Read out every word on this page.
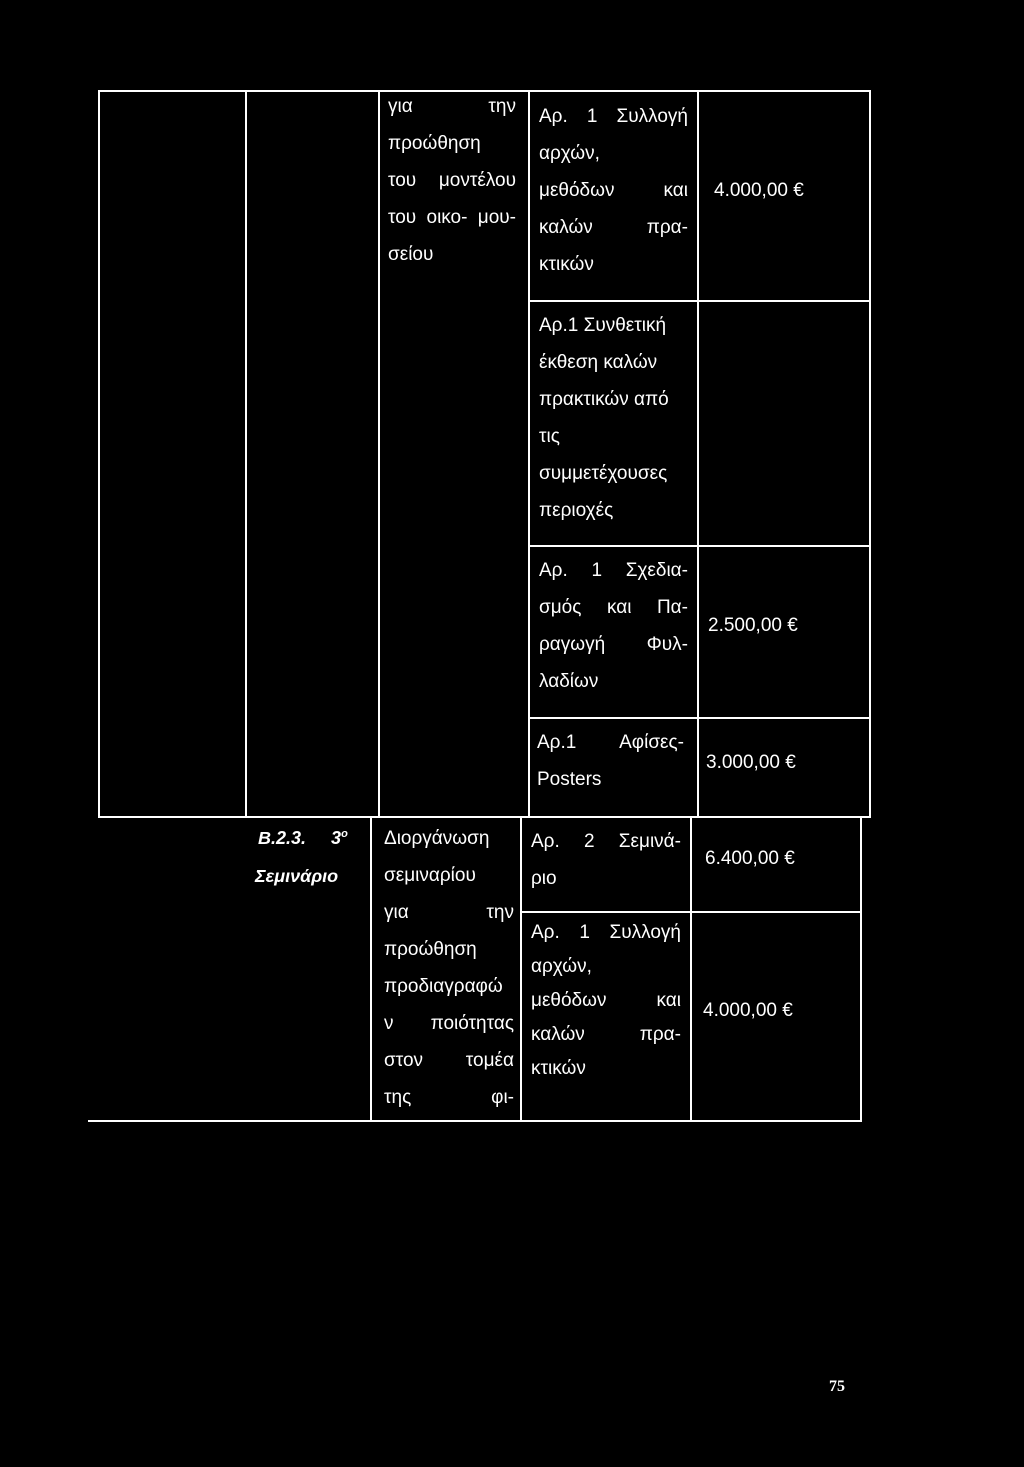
για την
προώθηση
του μοντέλου
του οικο- μου-
σείου
Αρ. 1 Συλλογή
αρχών,
μεθόδων και
καλών πρα-
κτικών
4.000,00 €
Αρ.1 Συνθετική
έκθεση καλών
πρακτικών από
τις
συμμετέχουσες
περιοχές
Αρ. 1 Σχεδια-
σμός και Πα-
ραγωγή Φυλ-
λαδίων
2.500,00 €
Αρ.1 Αφίσες-
Posters
3.000,00 €
Β.2.3. $3^o$
Σεμινάριο
Διοργάνωση
σεμιναρίου
για την
προώθηση
προδιαγραφώ
ν ποιότητας
στον τομέα
της φι-
Αρ. 2 Σεμινά-
ριο
6.400,00 €
Αρ. 1 Συλλογή
αρχών,
μεθόδων και
καλών πρα-
κτικών
4.000,00 €
75
